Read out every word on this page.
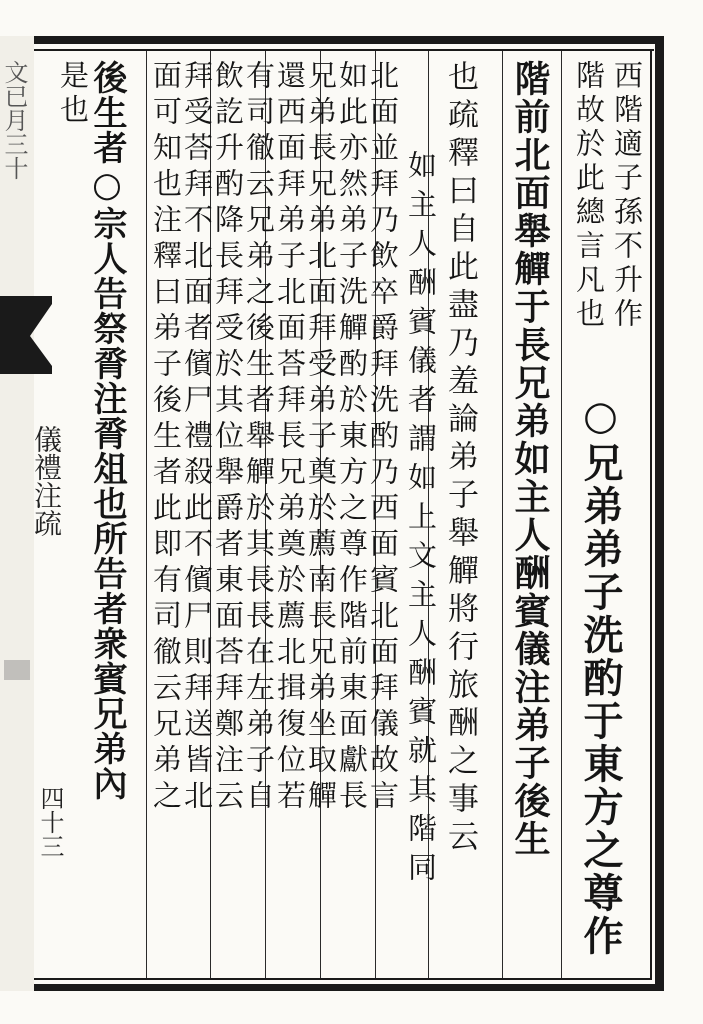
文已月三十
儀禮注疏
四十三
西階適子孫不升作
階故於此總言凡也
○兄弟弟子洗酌于東方之尊作
階前北面舉觶于長兄弟如主人酬賓儀注弟子後生
也疏釋曰自此盡乃羞論弟子舉觶將行旅酬之事云
如主人酬賓儀者謂如上文主人酬賓就其階同
北面並拜乃飲卒爵拜洗酌乃西面賓北面拜儀故言
如此亦然弟子洗觶酌於東方之尊作階前東面獻長
兄弟長兄弟北面拜受弟子奠於薦南長兄弟坐取觶
還西面拜弟子北面荅拜長兄弟奠於薦北揖復位若
有司徹云兄弟之後生者舉觶於其長長在左弟子自
飲訖升酌降長拜受於其位舉爵者東面荅拜鄭注云
拜受荅拜不北面者儐尸禮殺此不儐尸則拜送皆北
面可知也注釋曰弟子後生者此即有司徹云兄弟之
後生者○宗人告祭脀注脀俎也所告者衆賓兄弟內
是也
